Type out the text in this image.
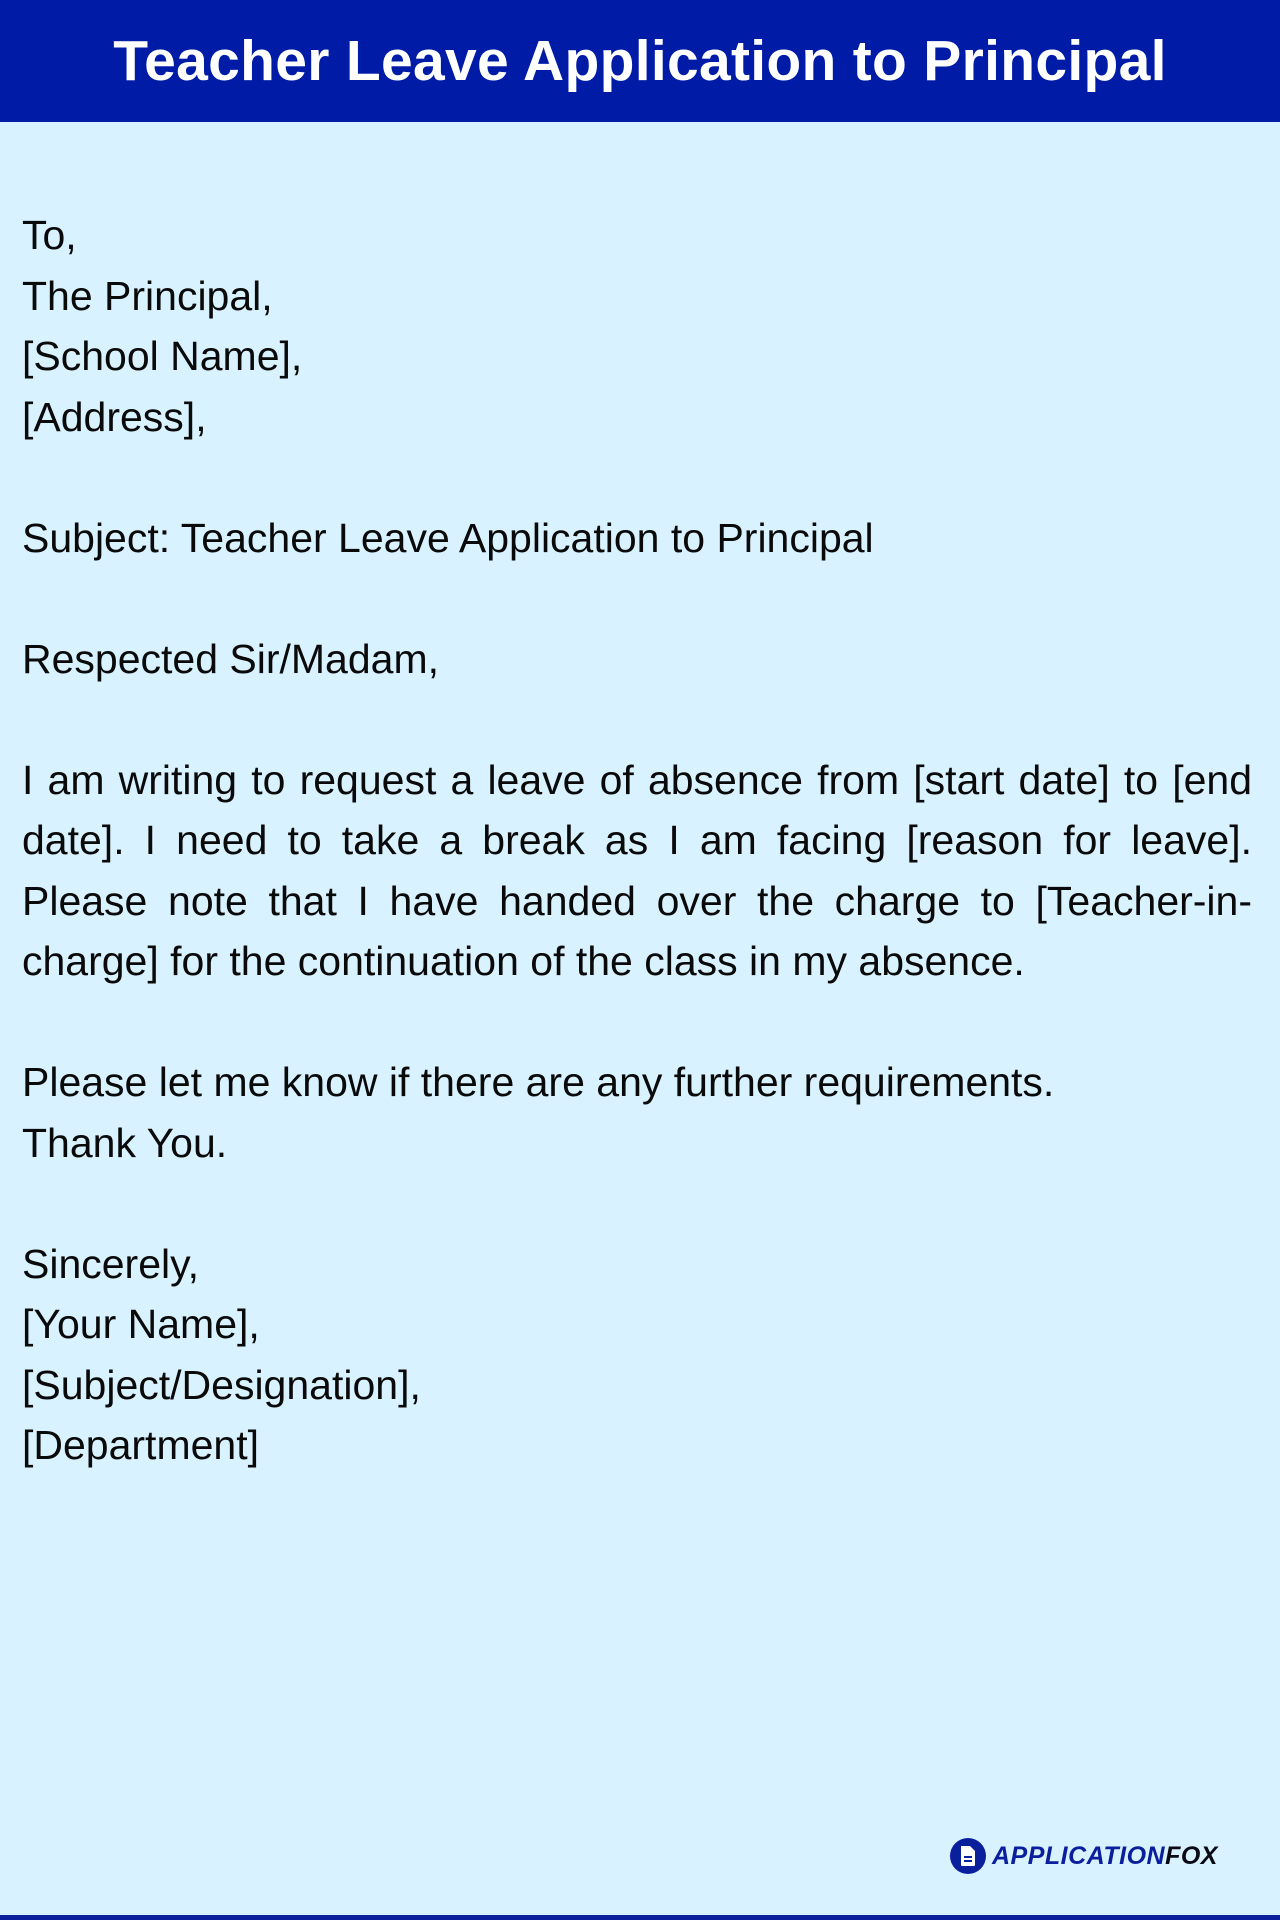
Teacher Leave Application to Principal
To,
The Principal,
[School Name],
[Address],
Subject: Teacher Leave Application to Principal
Respected Sir/Madam,
I am writing to request a leave of absence from [start date] to [end date]. I need to take a break as I am facing [reason for leave]. Please note that I have handed over the charge to [Teacher-in-charge] for the continuation of the class in my absence.
Please let me know if there are any further requirements.
Thank You.
Sincerely,
[Your Name],
[Subject/Designation],
[Department]
APPLICATIONFOX
